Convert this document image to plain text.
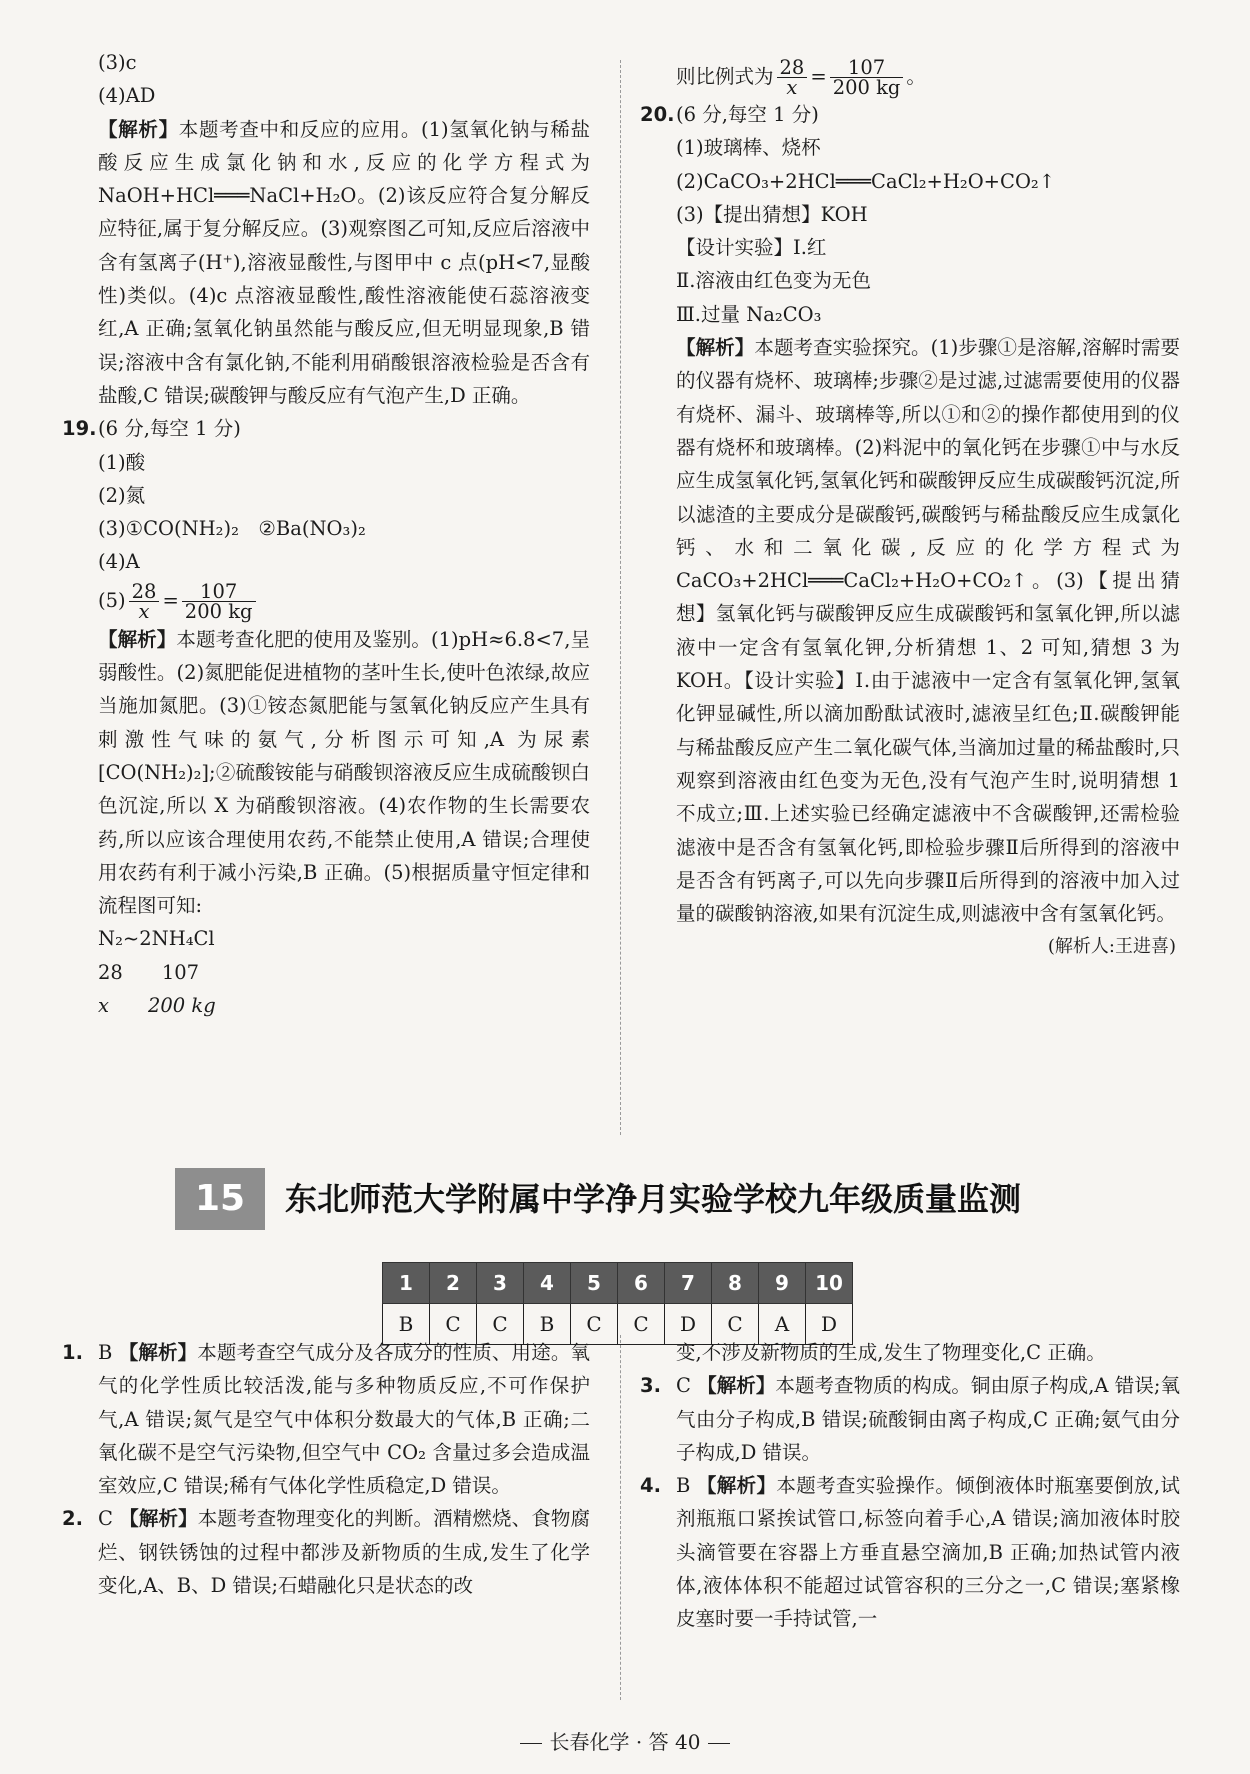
(3)c

(4)AD

【解析】本题考查中和反应的应用。(1)氢氧化钠与稀盐酸反应生成氯化钠和水,反应的化学方程式为NaOH+HCl═══NaCl+H₂O。(2)该反应符合复分解反应特征,属于复分解反应。(3)观察图乙可知,反应后溶液中含有氢离子(H⁺),溶液显酸性,与图甲中 c 点(pH<7,显酸性)类似。(4)c 点溶液显酸性,酸性溶液能使石蕊溶液变红,A 正确;氢氧化钠虽然能与酸反应,但无明显现象,B 错误;溶液中含有氯化钠,不能利用硝酸银溶液检验是否含有盐酸,C 错误;碳酸钾与酸反应有气泡产生,D 正确。

19.(6 分,每空 1 分)

(1)酸

(2)氮

(3)①CO(NH₂)₂　②Ba(NO₃)₂

(4)A

$(5) \frac{28}{x} = \frac{107}{200 kg}$

【解析】本题考查化肥的使用及鉴别。(1)pH≈6.8<7,呈弱酸性。(2)氮肥能促进植物的茎叶生长,使叶色浓绿,故应当施加氮肥。(3)①铵态氮肥能与氢氧化钠反应产生具有刺激性气味的氨气,分析图示可知,A 为尿素[CO(NH₂)₂];②硫酸铵能与硝酸钡溶液反应生成硫酸钡白色沉淀,所以 X 为硝酸钡溶液。(4)农作物的生长需要农药,所以应该合理使用农药,不能禁止使用,A 错误;合理使用农药有利于减小污染,B 正确。(5)根据质量守恒定律和流程图可知:

N₂~2NH₄Cl

28　　107

x　　200 kg

则比例式为 $\frac{28}{x} = \frac{107}{200 kg}$ 。

20.(6 分,每空 1 分)

(1)玻璃棒、烧杯

(2)CaCO₃+2HCl═══CaCl₂+H₂O+CO₂↑

(3)【提出猜想】KOH

【设计实验】Ⅰ.红

Ⅱ.溶液由红色变为无色

Ⅲ.过量 Na₂CO₃

【解析】本题考查实验探究。(1)步骤①是溶解,溶解时需要的仪器有烧杯、玻璃棒;步骤②是过滤,过滤需要使用的仪器有烧杯、漏斗、玻璃棒等,所以①和②的操作都使用到的仪器有烧杯和玻璃棒。(2)料泥中的氧化钙在步骤①中与水反应生成氢氧化钙,氢氧化钙和碳酸钾反应生成碳酸钙沉淀,所以滤渣的主要成分是碳酸钙,碳酸钙与稀盐酸反应生成氯化钙、水和二氧化碳,反应的化学方程式为 CaCO₃+2HCl═══CaCl₂+H₂O+CO₂↑。(3)【提出猜想】氢氧化钙与碳酸钾反应生成碳酸钙和氢氧化钾,所以滤液中一定含有氢氧化钾,分析猜想 1、2 可知,猜想 3 为 KOH。【设计实验】Ⅰ.由于滤液中一定含有氢氧化钾,氢氧化钾显碱性,所以滴加酚酞试液时,滤液呈红色;Ⅱ.碳酸钾能与稀盐酸反应产生二氧化碳气体,当滴加过量的稀盐酸时,只观察到溶液由红色变为无色,没有气泡产生时,说明猜想 1 不成立;Ⅲ.上述实验已经确定滤液中不含碳酸钾,还需检验滤液中是否含有氢氧化钙,即检验步骤Ⅱ后所得到的溶液中是否含有钙离子,可以先向步骤Ⅱ后所得到的溶液中加入过量的碳酸钠溶液,如果有沉淀生成,则滤液中含有氢氧化钙。

(解析人:王进喜)

15	东北师范大学附属中学净月实验学校九年级质量监测
1	2	3	4	5	6	7	8	9	10
B	C	C	B	C	C	D	C	A	D

1. B 【解析】本题考查空气成分及各成分的性质、用途。氧气的化学性质比较活泼,能与多种物质反应,不可作保护气,A 错误;氮气是空气中体积分数最大的气体,B 正确;二氧化碳不是空气污染物,但空气中 CO₂ 含量过多会造成温室效应,C 错误;稀有气体化学性质稳定,D 错误。

2. C 【解析】本题考查物理变化的判断。酒精燃烧、食物腐烂、钢铁锈蚀的过程中都涉及新物质的生成,发生了化学变化,A、B、D 错误;石蜡融化只是状态的改

变,不涉及新物质的生成,发生了物理变化,C 正确。

3. C 【解析】本题考查物质的构成。铜由原子构成,A 错误;氧气由分子构成,B 错误;硫酸铜由离子构成,C 正确;氨气由分子构成,D 错误。

4. B 【解析】本题考查实验操作。倾倒液体时瓶塞要倒放,试剂瓶瓶口紧挨试管口,标签向着手心,A 错误;滴加液体时胶头滴管要在容器上方垂直悬空滴加,B 正确;加热试管内液体,液体体积不能超过试管容积的三分之一,C 错误;塞紧橡皮塞时要一手持试管,一

长春化学 · 答 40
